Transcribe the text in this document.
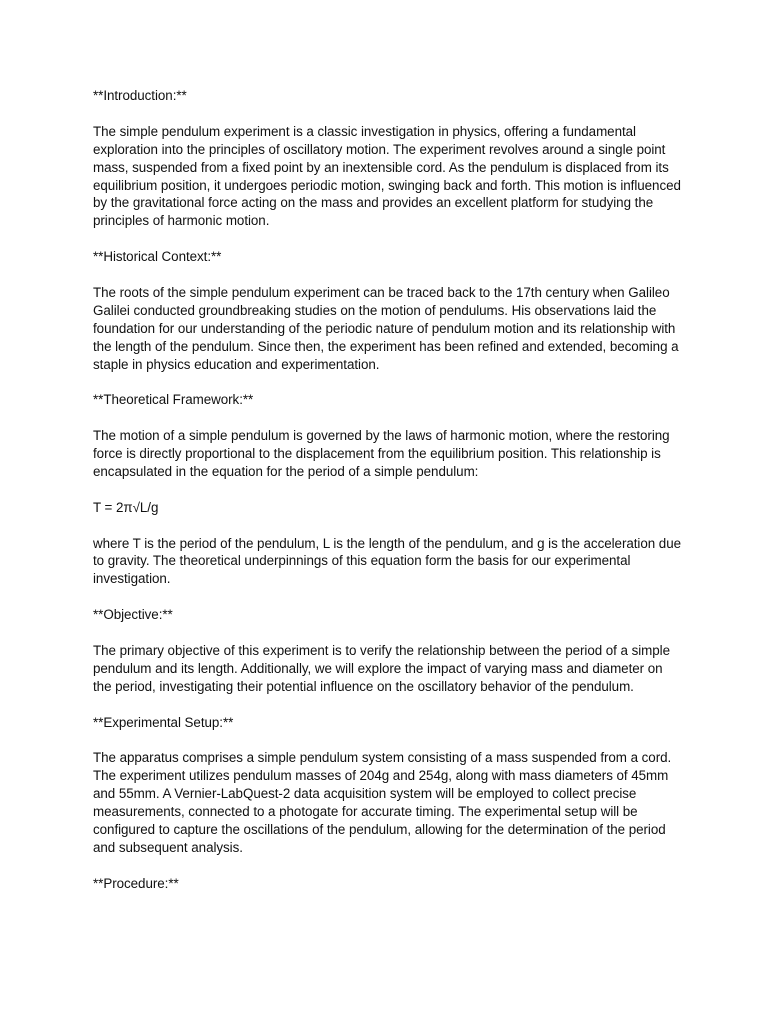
**Introduction:**

The simple pendulum experiment is a classic investigation in physics, offering a fundamental exploration into the principles of oscillatory motion. The experiment revolves around a single point mass, suspended from a fixed point by an inextensible cord. As the pendulum is displaced from its equilibrium position, it undergoes periodic motion, swinging back and forth. This motion is influenced by the gravitational force acting on the mass and provides an excellent platform for studying the principles of harmonic motion.

**Historical Context:**

The roots of the simple pendulum experiment can be traced back to the 17th century when Galileo Galilei conducted groundbreaking studies on the motion of pendulums. His observations laid the foundation for our understanding of the periodic nature of pendulum motion and its relationship with the length of the pendulum. Since then, the experiment has been refined and extended, becoming a staple in physics education and experimentation.

**Theoretical Framework:**

The motion of a simple pendulum is governed by the laws of harmonic motion, where the restoring force is directly proportional to the displacement from the equilibrium position. This relationship is encapsulated in the equation for the period of a simple pendulum:

T = 2π√L/g

where T is the period of the pendulum, L is the length of the pendulum, and g is the acceleration due to gravity. The theoretical underpinnings of this equation form the basis for our experimental investigation.

**Objective:**

The primary objective of this experiment is to verify the relationship between the period of a simple pendulum and its length. Additionally, we will explore the impact of varying mass and diameter on the period, investigating their potential influence on the oscillatory behavior of the pendulum.

**Experimental Setup:**

The apparatus comprises a simple pendulum system consisting of a mass suspended from a cord. The experiment utilizes pendulum masses of 204g and 254g, along with mass diameters of 45mm and 55mm. A Vernier-LabQuest-2 data acquisition system will be employed to collect precise measurements, connected to a photogate for accurate timing. The experimental setup will be configured to capture the oscillations of the pendulum, allowing for the determination of the period and subsequent analysis.

**Procedure:**
